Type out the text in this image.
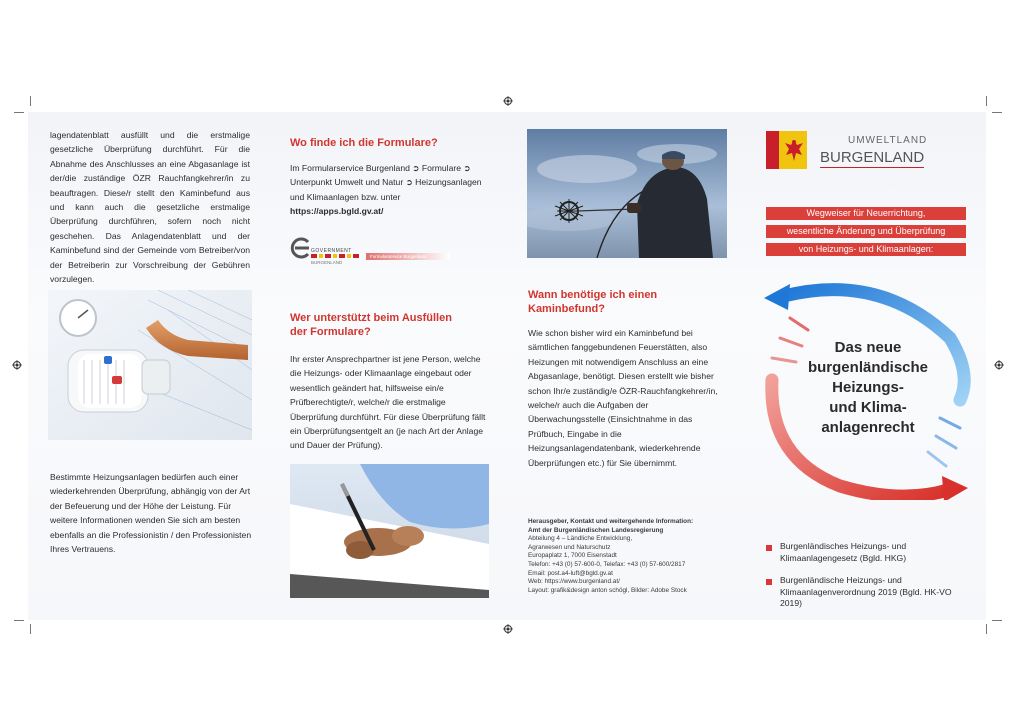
lagendatenblatt ausfüllt und die erstmalige gesetzliche Überprüfung durchführt. Für die Abnahme des Anschlusses an eine Abgasanlage ist der/die zuständige ÖZR Rauchfangkehrer/in zu beauftragen. Diese/r stellt den Kaminbefund aus und kann auch die gesetzliche erstmalige Überprüfung durchführen, sofern noch nicht geschehen. Das Anlagendatenblatt und der Kaminbefund sind der Gemeinde vom Betreiber/von der Betreiberin zur Vorschreibung der Gebühren vorzulegen.
Bestimmte Heizungsanlagen bedürfen auch einer wiederkehrenden Überprüfung, abhängig von der Art der Befeuerung und der Höhe der Leistung. Für weitere Informationen wenden Sie sich am besten ebenfalls an die Professionistin / den Professionisten Ihres Vertrauens.
Wo finde ich die Formulare?
Im Formularservice Burgenland ➲ Formulare ➲ Unterpunkt Umwelt und Natur ➲ Heizungsanlagen und Klimaanlagen bzw. unter https://apps.bgld.gv.at/
GOVERNMENT
BURGENLAND
Formularservice Burgenland
Wer unterstützt beim Ausfüllen der Formulare?
Ihr erster Ansprechpartner ist jene Person, welche die Heizungs- oder Klimaanlage eingebaut oder wesentlich geändert hat, hilfsweise ein/e Prüfberechtigte/r, welche/r die erstmalige Überprüfung durchführt. Für diese Überprüfung fällt ein Überprüfungsentgelt an (je nach Art der Anlage und Dauer der Prüfung).
Wann benötige ich einen Kaminbefund?
Wie schon bisher wird ein Kaminbefund bei sämtlichen fanggebundenen Feuerstätten, also Heizungen mit notwendigem Anschluss an eine Abgasanlage, benötigt. Diesen erstellt wie bisher schon Ihr/e zuständig/e ÖZR-Rauchfangkehrer/in, welche/r auch die Aufgaben der Überwachungsstelle (Einsichtnahme in das Prüfbuch, Eingabe in die Heizungsanlagendatenbank, wiederkehrende Überprüfungen etc.) für Sie übernimmt.
Herausgeber, Kontakt und weitergehende Information:
Amt der Burgenländischen Landesregierung
Abteilung 4 – Ländliche Entwicklung,
Agrarwesen und Naturschutz
Europaplatz 1, 7000 Eisenstadt
Telefon: +43 (0) 57-600-0, Telefax: +43 (0) 57-600/2817
Email: post.a4-luft@bgld.gv.at
Web: https://www.burgenland.at/
Layout: grafik&design anton schögl, Bilder: Adobe Stock
UMWELTLAND
BURGENLAND
Wegweiser für Neuerrichtung,
wesentliche Änderung und Überprüfung
von Heizungs- und Klimaanlagen:
Das neue
burgenländische
Heizungs-
und Klima-
anlagenrecht
Burgenländisches Heizungs- und Klimaanlagengesetz (Bgld. HKG)
Burgenländische Heizungs- und Klimaanlagenverordnung 2019 (Bgld. HK-VO 2019)
